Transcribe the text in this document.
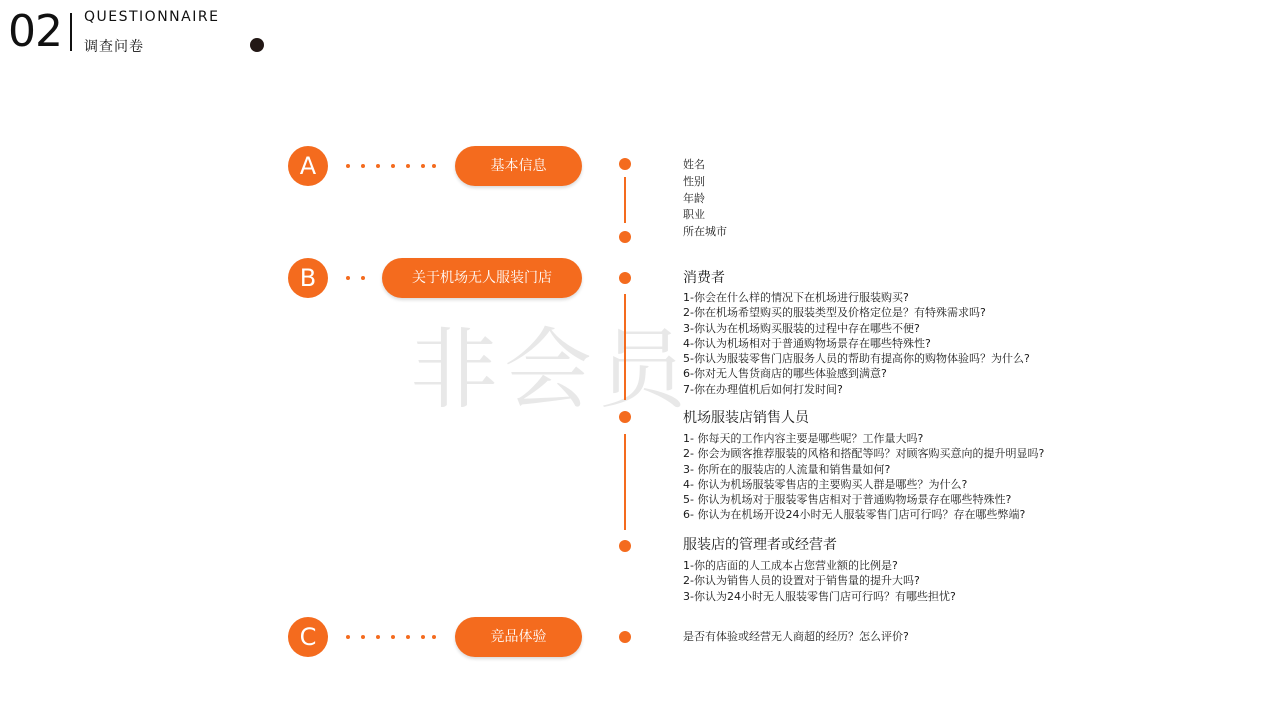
02 QUESTIONNAIRE
调查问卷
非会员
A	基本信息
B	关于机场无人服装门店
C	竞品体验
姓名
性别
年龄
职业
所在城市
消费者
1-你会在什么样的情况下在机场进行服装购买?
2-你在机场希望购买的服装类型及价格定位是？有特殊需求吗?
3-你认为在机场购买服装的过程中存在哪些不便?
4-你认为机场相对于普通购物场景存在哪些特殊性?
5-你认为服装零售门店服务人员的帮助有提高你的购物体验吗？为什么?
6-你对无人售货商店的哪些体验感到满意?
7-你在办理值机后如何打发时间?
机场服装店销售人员
1- 你每天的工作内容主要是哪些呢？工作量大吗?
2- 你会为顾客推荐服装的风格和搭配等吗？对顾客购买意向的提升明显吗?
3- 你所在的服装店的人流量和销售量如何?
4- 你认为机场服装零售店的主要购买人群是哪些？为什么?
5- 你认为机场对于服装零售店相对于普通购物场景存在哪些特殊性?
6- 你认为在机场开设24小时无人服装零售门店可行吗？存在哪些弊端?
服装店的管理者或经营者
1-你的店面的人工成本占您营业额的比例是?
2-你认为销售人员的设置对于销售量的提升大吗?
3-你认为24小时无人服装零售门店可行吗？有哪些担忧?
是否有体验或经营无人商超的经历？怎么评价?
